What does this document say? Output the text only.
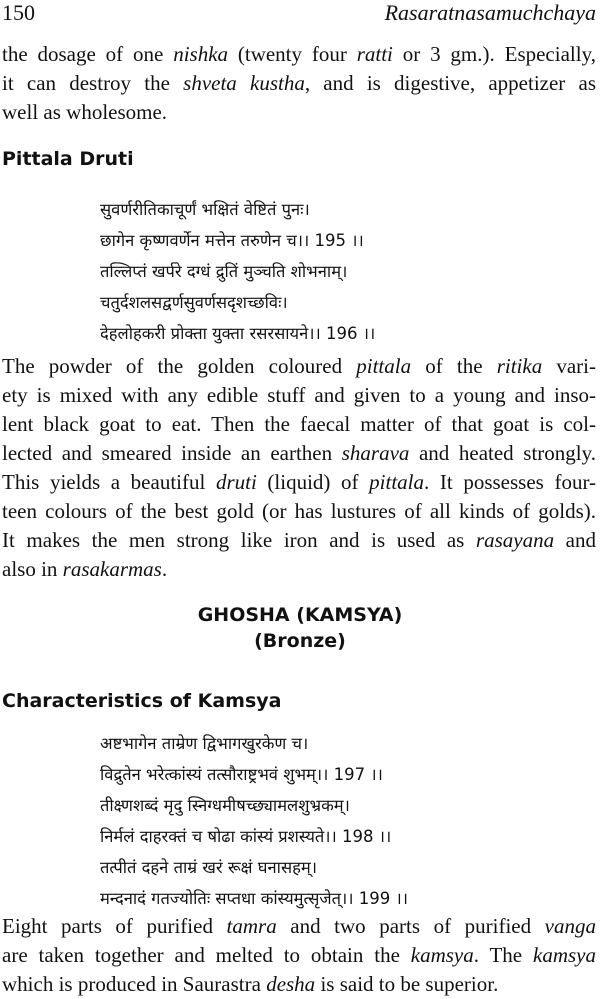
150	Rasaratnasamuchchaya
the dosage of one nishka (twenty four ratti or 3 gm.). Especially,
it can destroy the shveta kustha, and is digestive, appetizer as
well as wholesome.
Pittala Druti
सुवर्णरीतिकाचूर्णं भक्षितं वेष्टितं पुनः।
छागेन कृष्णवर्णेन मत्तेन तरुणेन च।। 195 ।।
तल्लिप्तं खर्परे दग्धं द्रुतिं मुञ्चति शोभनाम्।
चतुर्दशलसद्वर्णसुवर्णसदृशच्छविः।
देहलोहकरी प्रोक्ता युक्ता रसरसायने।। 196 ।।
The powder of the golden coloured pittala of the ritika vari-
ety is mixed with any edible stuff and given to a young and inso-
lent black goat to eat. Then the faecal matter of that goat is col-
lected and smeared inside an earthen sharava and heated strongly.
This yields a beautiful druti (liquid) of pittala. It possesses four-
teen colours of the best gold (or has lustures of all kinds of golds).
It makes the men strong like iron and is used as rasayana and
also in rasakarmas.
GHOSHA (KAMSYA)
(Bronze)
Characteristics of Kamsya
अष्टभागेन ताम्रेण द्विभागखुरकेण च।
विद्रुतेन भरेत्कांस्यं तत्सौराष्ट्रभवं शुभम्।। 197 ।।
तीक्ष्णशब्दं मृदु स्निग्धमीषच्छ्यामलशुभ्रकम्।
निर्मलं दाहरक्तं च षोढा कांस्यं प्रशस्यते।। 198 ।।
तत्पीतं दहने ताम्रं खरं रूक्षं घनासहम्।
मन्दनादं गतज्योतिः सप्तधा कांस्यमुत्सृजेत्।। 199 ।।
Eight parts of purified tamra and two parts of purified vanga
are taken together and melted to obtain the kamsya. The kamsya
which is produced in Saurastra desha is said to be superior.
